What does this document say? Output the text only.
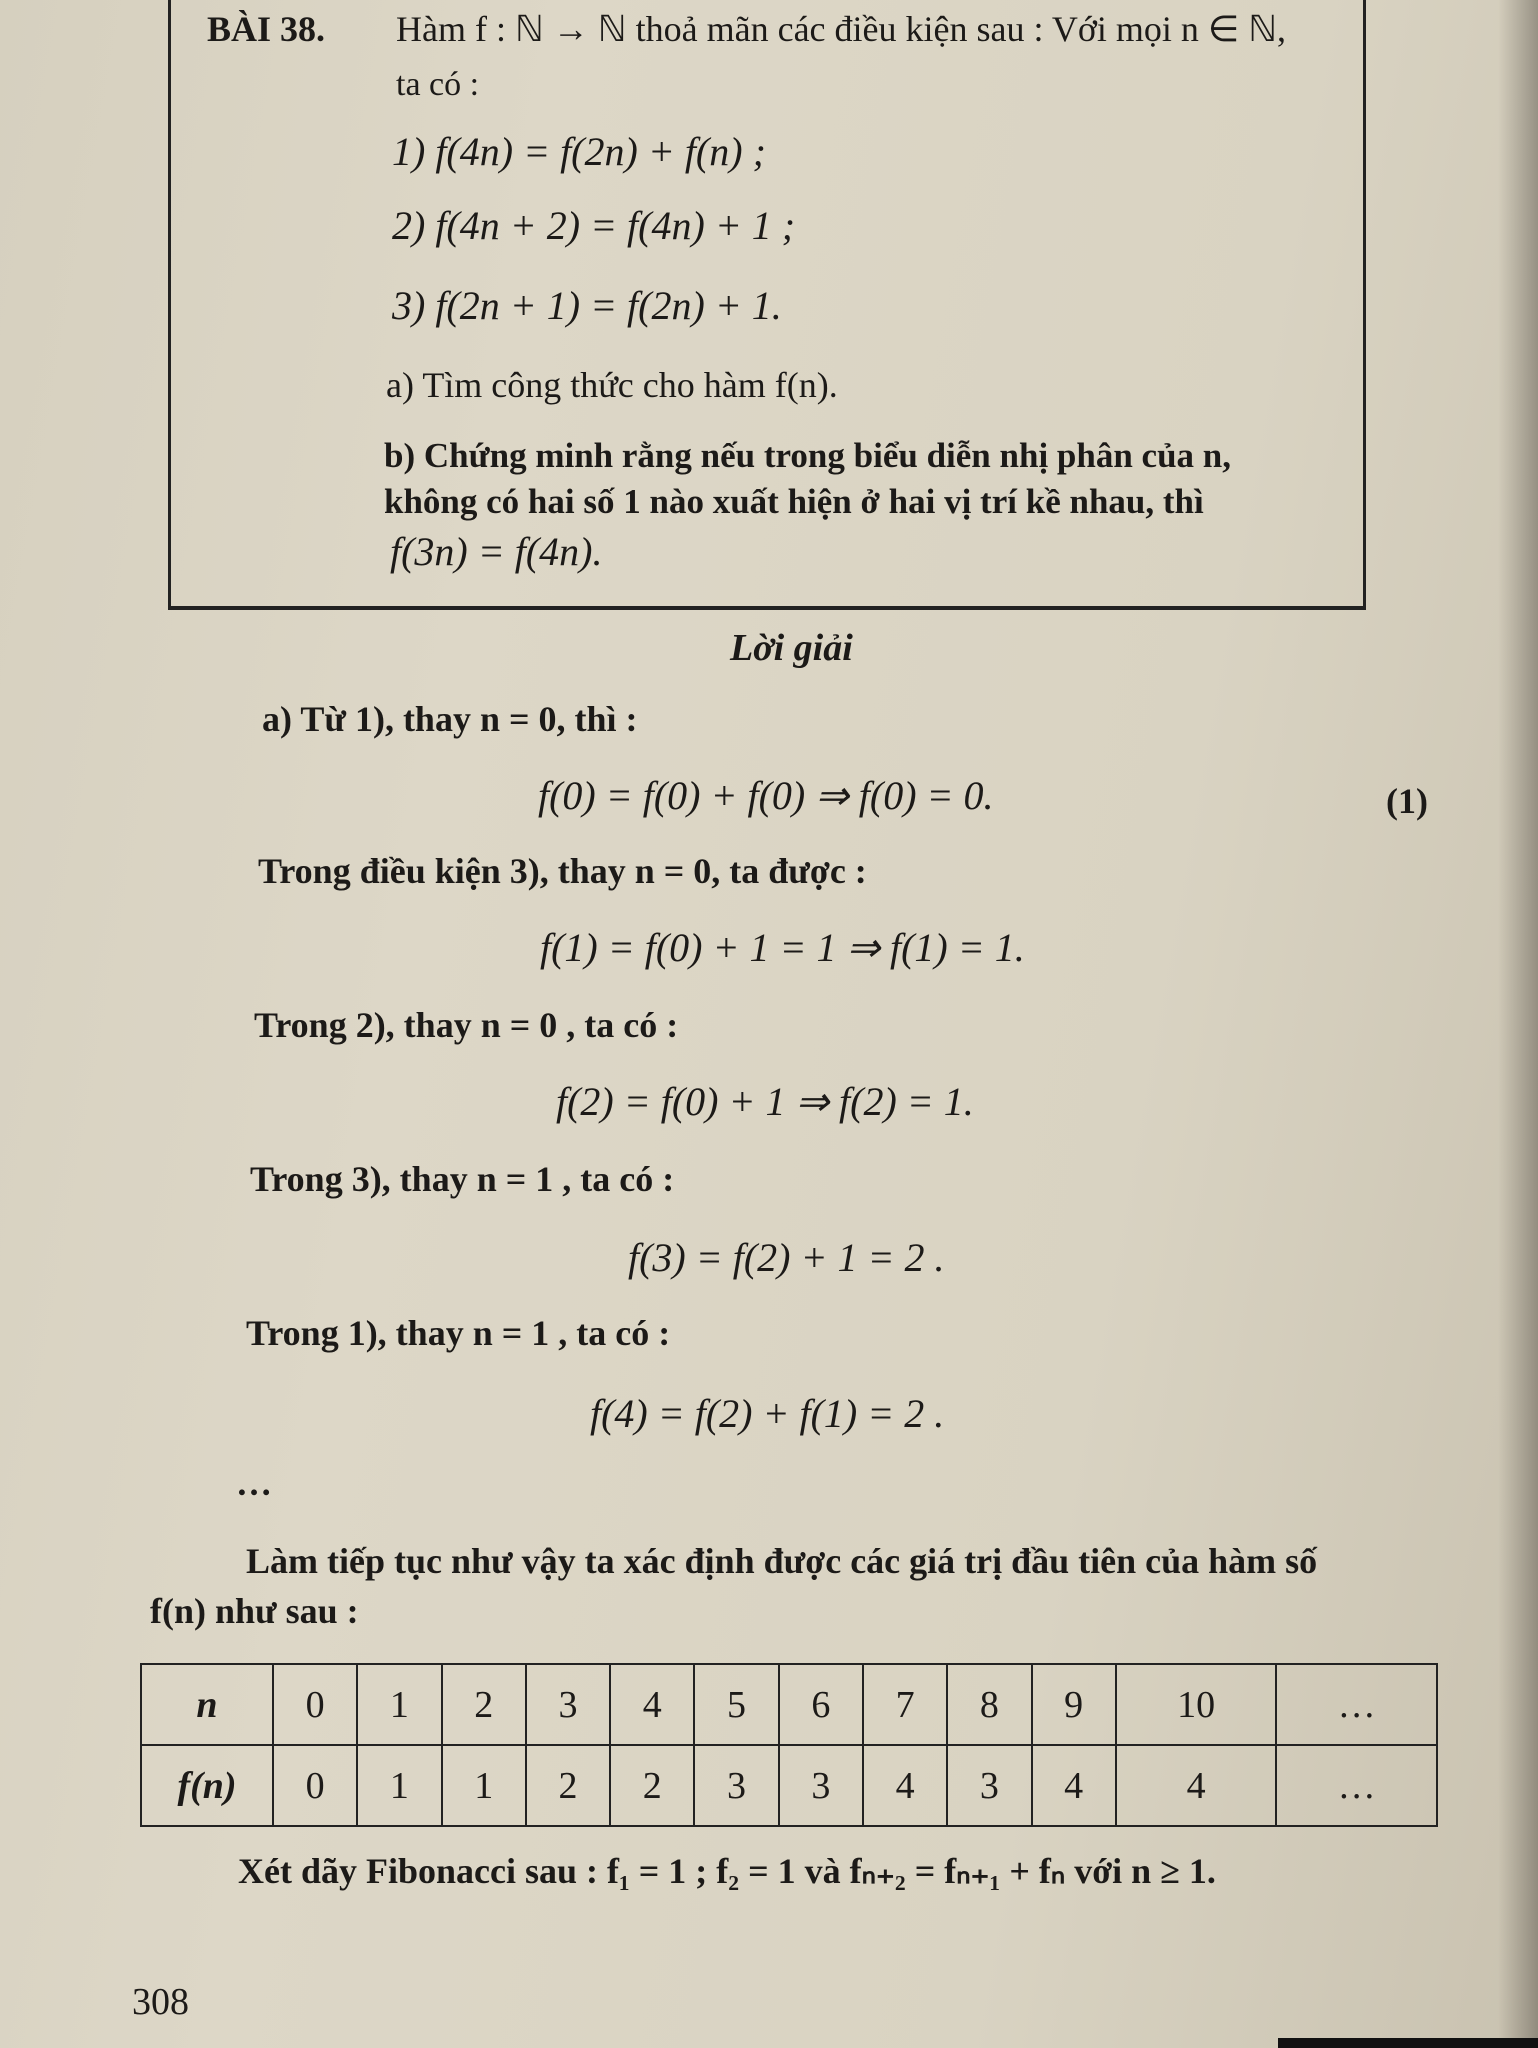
BÀI 38. Hàm f : ℕ → ℕ thoả mãn các điều kiện sau : Với mọi n ∈ ℕ,
ta có :
1) f(4n) = f(2n) + f(n) ;
2) f(4n + 2) = f(4n) + 1 ;
3) f(2n + 1) = f(2n) + 1.
a) Tìm công thức cho hàm f(n).
b) Chứng minh rằng nếu trong biểu diễn nhị phân của n,
không có hai số 1 nào xuất hiện ở hai vị trí kề nhau, thì
f(3n) = f(4n).
Lời giải
a) Từ 1), thay n = 0, thì :
f(0) = f(0) + f(0) ⇒ f(0) = 0.	(1)
Trong điều kiện 3), thay n = 0, ta được :
f(1) = f(0) + 1 = 1 ⇒ f(1) = 1.
Trong 2), thay n = 0 , ta có :
f(2) = f(0) + 1 ⇒ f(2) = 1.
Trong 3), thay n = 1 , ta có :
f(3) = f(2) + 1 = 2 .
Trong 1), thay n = 1 , ta có :
f(4) = f(2) + f(1) = 2 .
…
Làm tiếp tục như vậy ta xác định được các giá trị đầu tiên của hàm số
f(n) như sau :
n	0	1	2	3	4	5	6	7	8	9	10	…
f(n)	0	1	1	2	2	3	3	4	3	4	4	…
Xét dãy Fibonacci sau : f₁ = 1 ; f₂ = 1 và fₙ₊₂ = fₙ₊₁ + fₙ với n ≥ 1.
308
